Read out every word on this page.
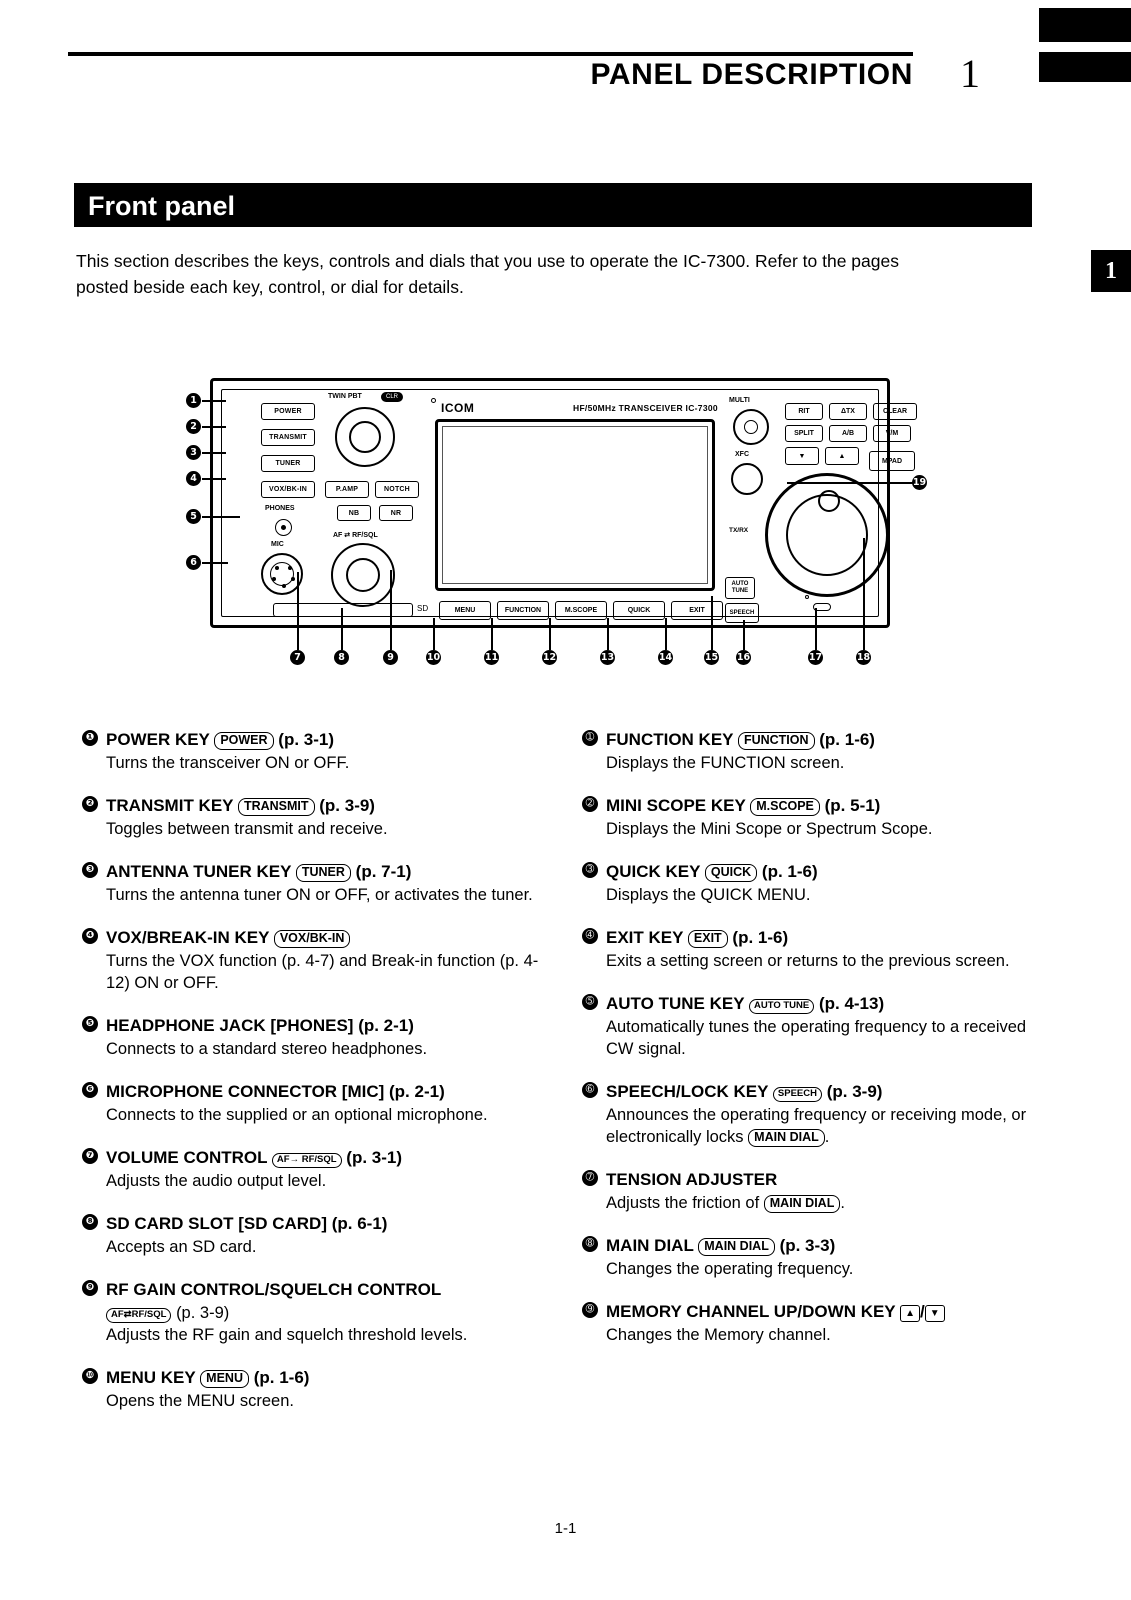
PANEL DESCRIPTION 1
Front panel
1
This section describes the keys, controls and dials that you use to operate the IC-7300. Refer to the pages posted beside each key, control, or dial for details.
ICOM	HF/50MHz TRANSCEIVER IC-7300
POWER
TRANSMIT
TUNER
VOX/BK-IN	P.AMP	NOTCH
NB	NR
PHONES
MIC
TWIN PBT	CLR
AF ⇄ RF/SQL
SD	MENU	FUNCTION	M.SCOPE	QUICK	EXIT
AUTO TUNE
SPEECH
MULTI
XFC
TX/RX
RIT	ΔTX	CLEAR
SPLIT	A/B	V/M
MPAD
▼	▲
1
2
3
4
5
6
7	8	9	10	11	12	13	14	15 16	17	18
19
❶ POWER KEY POWER (p. 3-1)
Turns the transceiver ON or OFF.
❷ TRANSMIT KEY TRANSMIT (p. 3-9)
Toggles between transmit and receive.
❸ ANTENNA TUNER KEY TUNER (p. 7-1)
Turns the antenna tuner ON or OFF, or activates the tuner.
❹ VOX/BREAK-IN KEY VOX/BK-IN
Turns the VOX function (p. 4-7) and Break-in function (p. 4-12) ON or OFF.
❺ HEADPHONE JACK [PHONES] (p. 2-1)
Connects to a standard stereo headphones.
❻ MICROPHONE CONNECTOR [MIC] (p. 2-1)
Connects to the supplied or an optional microphone.
❼ VOLUME CONTROL AF→ RF/SQL (p. 3-1)
Adjusts the audio output level.
❽ SD CARD SLOT [SD CARD] (p. 6-1)
Accepts an SD card.
❾ RF GAIN CONTROL/SQUELCH CONTROL
AF⇄RF/SQL (p. 3-9)
Adjusts the RF gain and squelch threshold levels.
❿ MENU KEY MENU (p. 1-6)
Opens the MENU screen.
➀ FUNCTION KEY FUNCTION (p. 1-6)
Displays the FUNCTION screen.
➁ MINI SCOPE KEY M.SCOPE (p. 5-1)
Displays the Mini Scope or Spectrum Scope.
➂ QUICK KEY QUICK (p. 1-6)
Displays the QUICK MENU.
➃ EXIT KEY EXIT (p. 1-6)
Exits a setting screen or returns to the previous screen.
➄ AUTO TUNE KEY AUTO TUNE (p. 4-13)
Automatically tunes the operating frequency to a received CW signal.
➅ SPEECH/LOCK KEY SPEECH (p. 3-9)
Announces the operating frequency or receiving mode, or electronically locks MAIN DIAL .
➆ TENSION ADJUSTER
Adjusts the friction of MAIN DIAL .
➇ MAIN DIAL MAIN DIAL (p. 3-3)
Changes the operating frequency.
➈ MEMORY CHANNEL UP/DOWN KEY ▲ / ▼
Changes the Memory channel.
1-1
